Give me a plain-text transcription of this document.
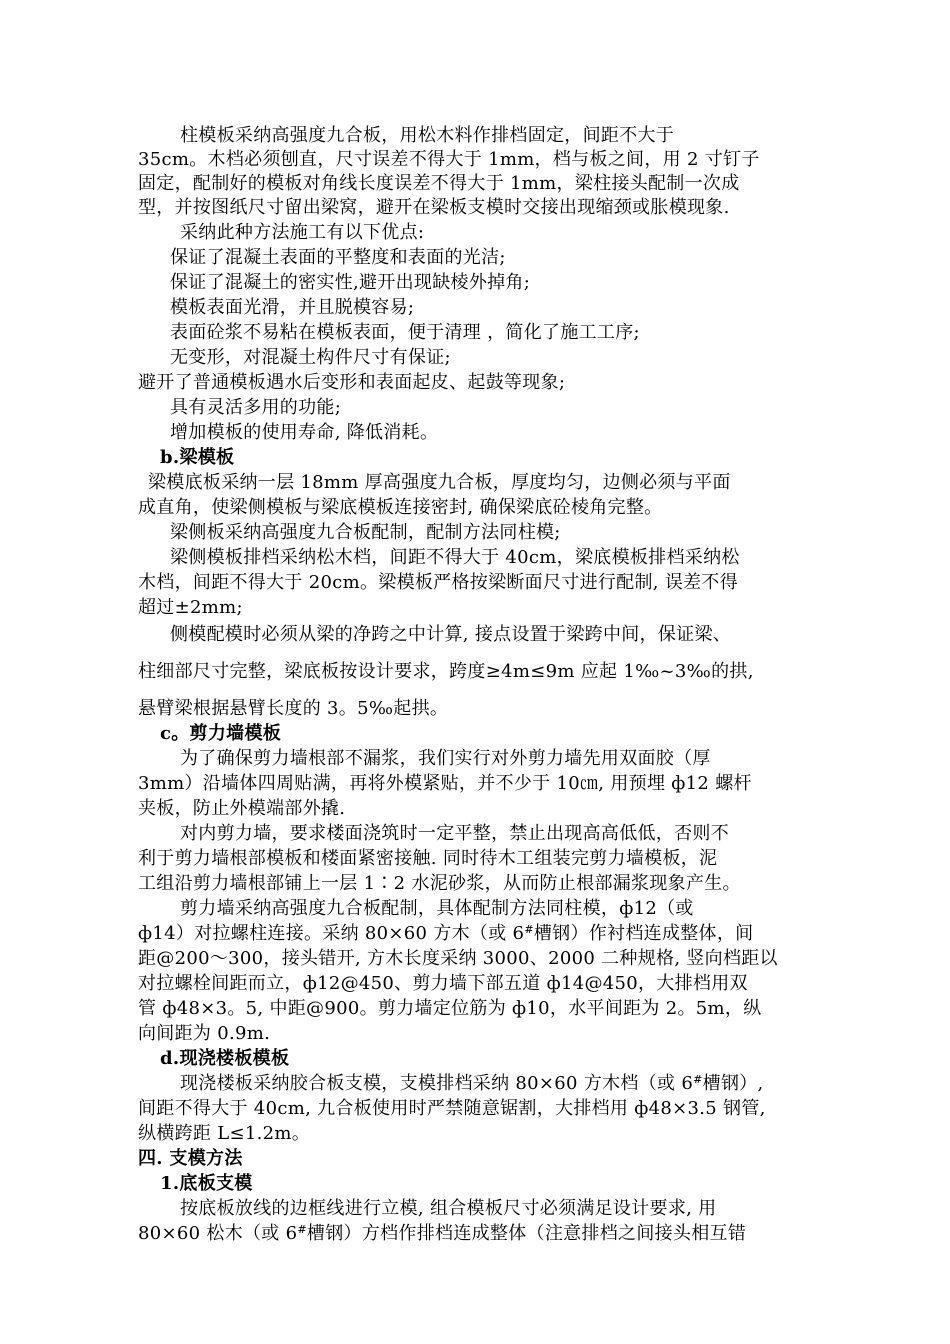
柱模板采纳高强度九合板，用松木料作排档固定，间距不大于
35cm。木档必须刨直，尺寸误差不得大于 1mm，档与板之间，用 2 寸钉子
固定，配制好的模板对角线长度误差不得大于 1mm，梁柱接头配制一次成
型，并按图纸尺寸留出梁窝，避开在梁板支模时交接出现缩颈或胀模现象.
采纳此种方法施工有以下优点:
保证了混凝土表面的平整度和表面的光洁;
保证了混凝土的密实性,避开出现缺棱外掉角;
模板表面光滑，并且脱模容易;
表面砼浆不易粘在模板表面，便于清理 ，简化了施工工序;
无变形，对混凝土构件尺寸有保证;
避开了普通模板遇水后变形和表面起皮、起鼓等现象;
具有灵活多用的功能;
增加模板的使用寿命, 降低消耗。
b.梁模板
梁模底板采纳一层 18mm 厚高强度九合板，厚度均匀，边侧必须与平面
成直角，使梁侧模板与梁底模板连接密封, 确保梁底砼棱角完整。
梁侧板采纳高强度九合板配制，配制方法同柱模;
梁侧模板排档采纳松木档，间距不得大于 40cm，梁底模板排档采纳松
木档，间距不得大于 20cm。梁模板严格按梁断面尺寸进行配制, 误差不得
超过±2mm;
侧模配模时必须从梁的净跨之中计算, 接点设置于梁跨中间，保证梁、
柱细部尺寸完整，梁底板按设计要求，跨度≥4m≤9m 应起 1‰~3‰的拱,
悬臂梁根据悬臂长度的 3。5‰起拱。
c。剪力墙模板
为了确保剪力墙根部不漏浆，我们实行对外剪力墙先用双面胶（厚
3mm）沿墙体四周贴满，再将外模紧贴，并不少于 10㎝, 用预埋 ф12 螺杆
夹板，防止外模端部外撬.
对内剪力墙，要求楼面浇筑时一定平整，禁止出现高高低低，否则不
利于剪力墙根部模板和楼面紧密接触. 同时待木工组装完剪力墙模板，泥
工组沿剪力墙根部铺上一层 1∶2 水泥砂浆，从而防止根部漏浆现象产生。
剪力墙采纳高强度九合板配制，具体配制方法同柱模，ф12（或
ф14）对拉螺柱连接。采纳 80×60 方木（或 6#槽钢）作衬档连成整体，间
距@200～300，接头错开, 方木长度采纳 3000、2000 二种规格, 竖向档距以
对拉螺栓间距而立，ф12@450、剪力墙下部五道 ф14@450，大排档用双
管 ф48×3。5, 中距@900。剪力墙定位筋为 ф10，水平间距为 2。5m，纵
向间距为 0.9m.
d.现浇楼板模板
现浇楼板采纳胶合板支模，支模排档采纳 80×60 方木档（或 6#槽钢）,
间距不得大于 40cm, 九合板使用时严禁随意锯割，大排档用 ф48×3.5 钢管,
纵横跨距 L≤1.2m。
四. 支模方法
1.底板支模
按底板放线的边框线进行立模, 组合模板尺寸必须满足设计要求, 用
80×60 松木（或 6#槽钢）方档作排档连成整体（注意排档之间接头相互错
